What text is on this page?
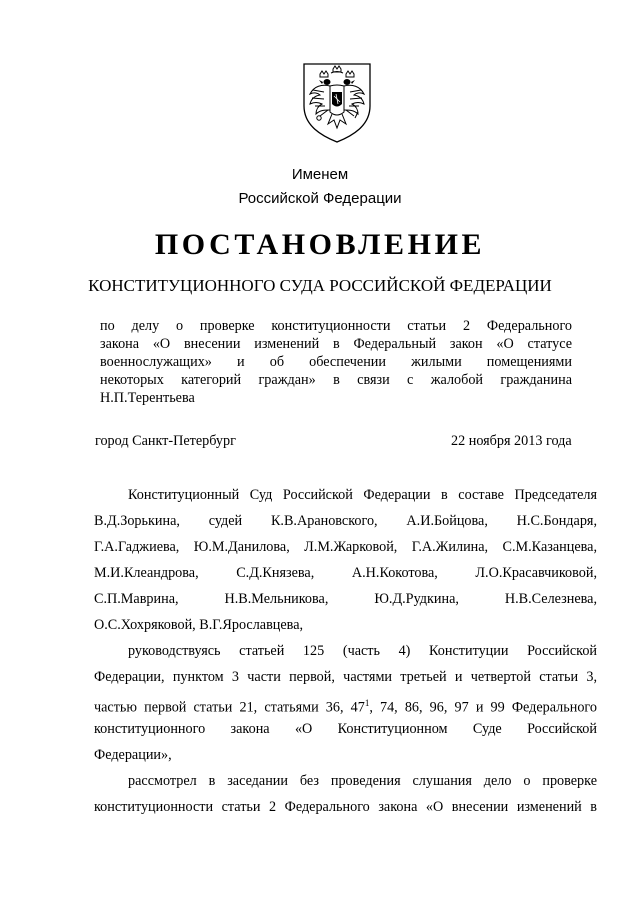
Именем
Российской Федерации
ПОСТАНОВЛЕНИЕ
КОНСТИТУЦИОННОГО СУДА РОССИЙСКОЙ ФЕДЕРАЦИИ
по делу о проверке конституционности статьи 2 Федерального
закона «О внесении изменений в Федеральный закон «О статусе
военнослужащих» и об обеспечении жилыми помещениями
некоторых категорий граждан» в связи с жалобой гражданина
Н.П.Терентьева
город Санкт-Петербург	22 ноября 2013 года
Конституционный Суд Российской Федерации в составе Председателя
В.Д.Зорькина, судей К.В.Арановского, А.И.Бойцова, Н.С.Бондаря,
Г.А.Гаджиева, Ю.М.Данилова, Л.М.Жарковой, Г.А.Жилина, С.М.Казанцева,
М.И.Клеандрова, С.Д.Князева, А.Н.Кокотова, Л.О.Красавчиковой,
С.П.Маврина, Н.В.Мельникова, Ю.Д.Рудкина, Н.В.Селезнева,
О.С.Хохряковой, В.Г.Ярославцева,
руководствуясь статьей 125 (часть 4) Конституции Российской
Федерации, пунктом 3 части первой, частями третьей и четвертой статьи 3,
частью первой статьи 21, статьями 36, $47^1$, 74, 86, 96, 97 и 99 Федерального
конституционного закона «О Конституционном Суде Российской
Федерации»,
рассмотрел в заседании без проведения слушания дело о проверке
конституционности статьи 2 Федерального закона «О внесении изменений в
